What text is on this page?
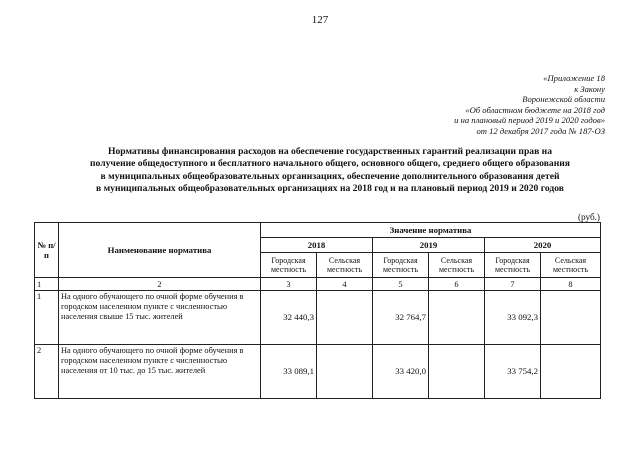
127
«Приложение 18
к Закону
Воронежской области
«Об областном бюджете на 2018 год
и на плановый период 2019 и 2020 годов»
от 12 декабря 2017 года № 187-ОЗ
Нормативы финансирования расходов на обеспечение государственных гарантий реализации прав на
получение общедоступного и бесплатного начального общего, основного общего, среднего общего образования
в муниципальных общеобразовательных организациях, обеспечение дополнительного образования детей
в муниципальных общеобразовательных организациях на 2018 год и на плановый период 2019 и 2020 годов
(руб.)
№ п/п	Наименование норматива	Значение норматива					
		2018		2019		2020	
		Городская местность	Сельская местность	Городская местность	Сельская местность	Городская местность	Сельская местность
1	2	3	4	5	6	7	8
1	На одного обучающего по очной форме обучения в городском населенном пункте с численностью населения свыше 15 тыс. жителей	32 440,3		32 764,7		33 092,3	
2	На одного обучающего по очной форме обучения в городском населенном пункте с численностью населения от 10 тыс. до 15 тыс. жителей	33 089,1		33 420,0		33 754,2	
